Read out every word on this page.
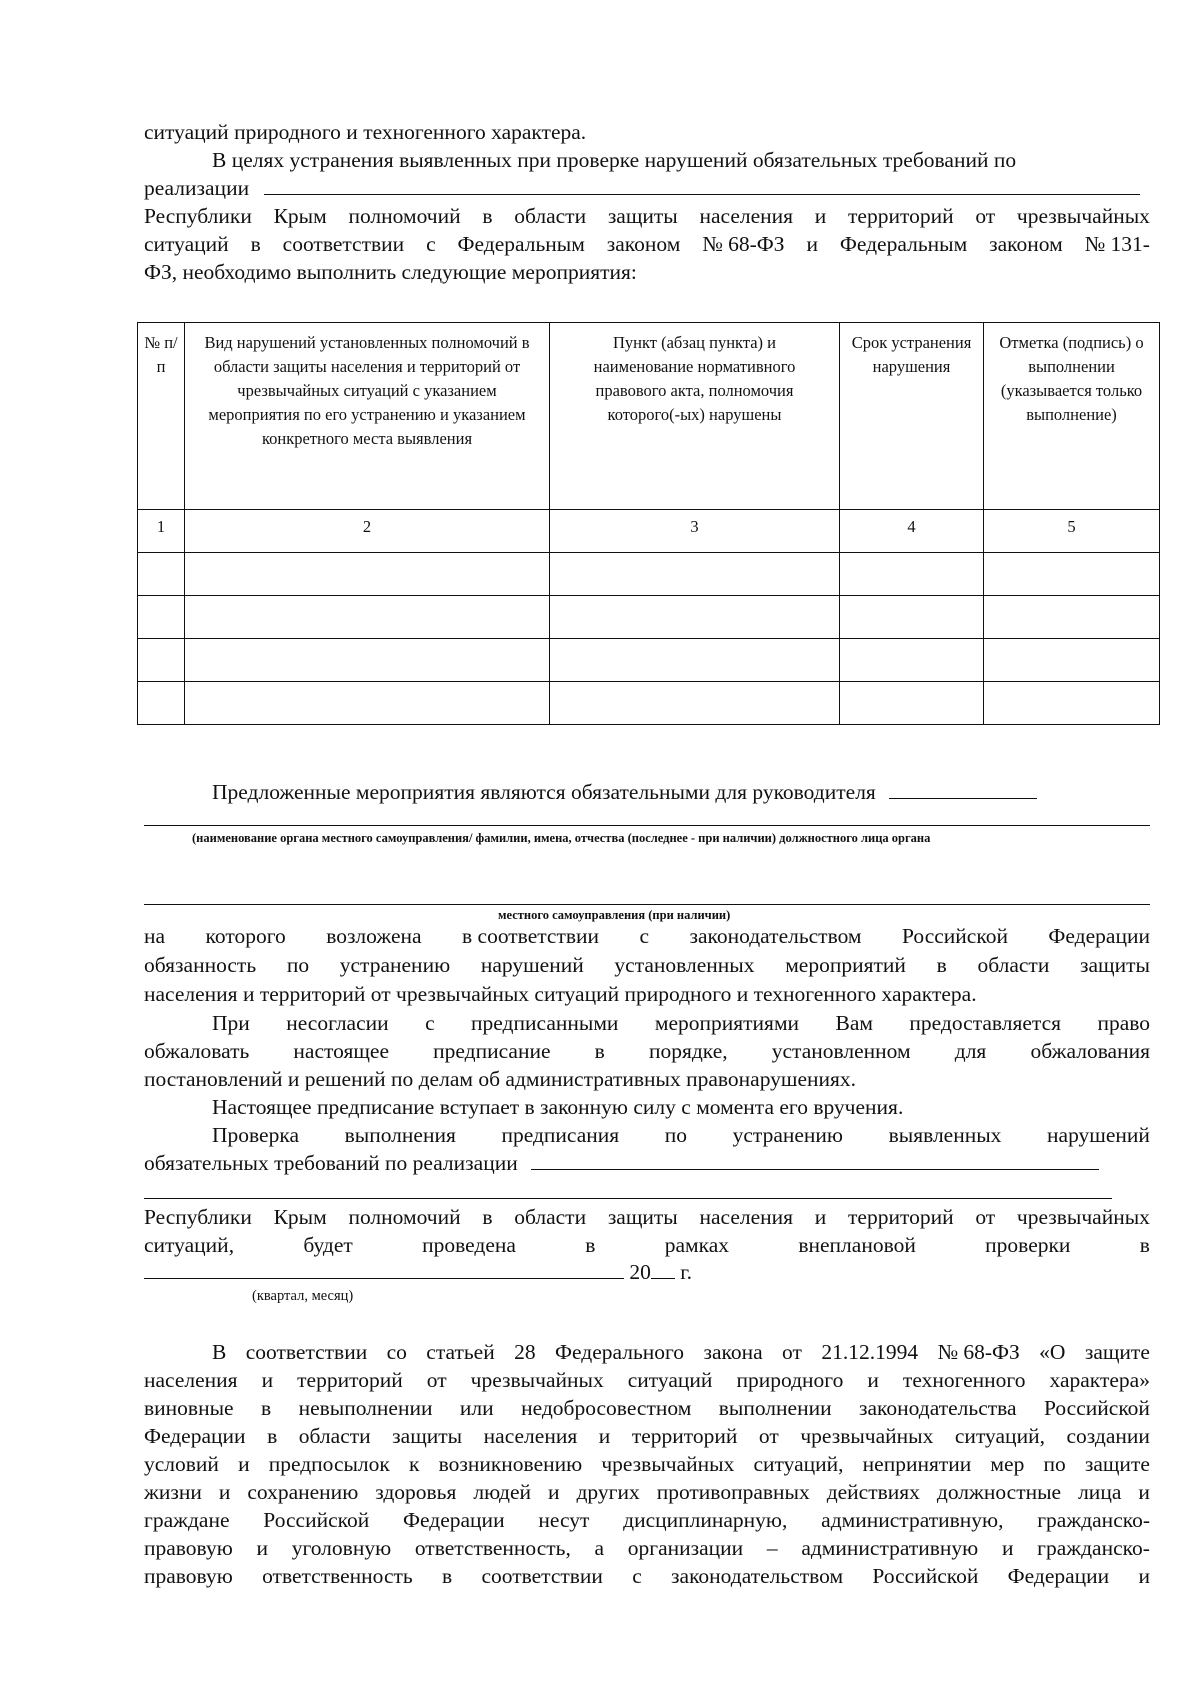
ситуаций природного и техногенного характера.
В целях устранения выявленных при проверке нарушений обязательных требований по
реализации
Республики Крым полномочий в области защиты населения и территорий от чрезвычайных
ситуаций в соответствии с Федеральным законом № 68-ФЗ и Федеральным законом № 131-
ФЗ, необходимо выполнить следующие мероприятия:
№ п/п	Вид нарушений установленных полномочий в области защиты населения и территорий от чрезвычайных ситуаций с указанием мероприятия по его устранению и указанием конкретного места выявления	Пункт (абзац пункта) и наименование нормативного правового акта, полномочия которого(-ых) нарушены	Срок устранения нарушения	Отметка (подпись) о выполнении (указывается только выполнение)
1	2	3	4	5

Предложенные мероприятия являются обязательными для руководителя
(наименование органа местного самоуправления/ фамилии, имена, отчества (последнее - при наличии) должностного лица органа
местного самоуправления (при наличии)
на которого возложена в соответствии с законодательством Российской Федерации
обязанность по устранению нарушений установленных мероприятий в области защиты
населения и территорий от чрезвычайных ситуаций природного и техногенного характера.
При несогласии с предписанными мероприятиями Вам предоставляется право
обжаловать настоящее предписание в порядке, установленном для обжалования
постановлений и решений по делам об административных правонарушениях.
Настоящее предписание вступает в законную силу с момента его вручения.
Проверка выполнения предписания по устранению выявленных нарушений
обязательных требований по реализации
Республики Крым полномочий в области защиты населения и территорий от чрезвычайных
ситуаций,	будет	проведена	в	рамках	внеплановой	проверки	в
20 г.
(квартал, месяц)
В соответствии со статьей 28 Федерального закона от 21.12.1994 № 68-ФЗ «О защите
населения и территорий от чрезвычайных ситуаций природного и техногенного характера»
виновные в невыполнении или недобросовестном выполнении законодательства Российской
Федерации в области защиты населения и территорий от чрезвычайных ситуаций, создании
условий и предпосылок к возникновению чрезвычайных ситуаций, непринятии мер по защите
жизни и сохранению здоровья людей и других противоправных действиях должностные лица и
граждане Российской Федерации несут дисциплинарную, административную, гражданско-
правовую и уголовную ответственность, а организации – административную и гражданско-
правовую ответственность в соответствии с законодательством Российской Федерации и
